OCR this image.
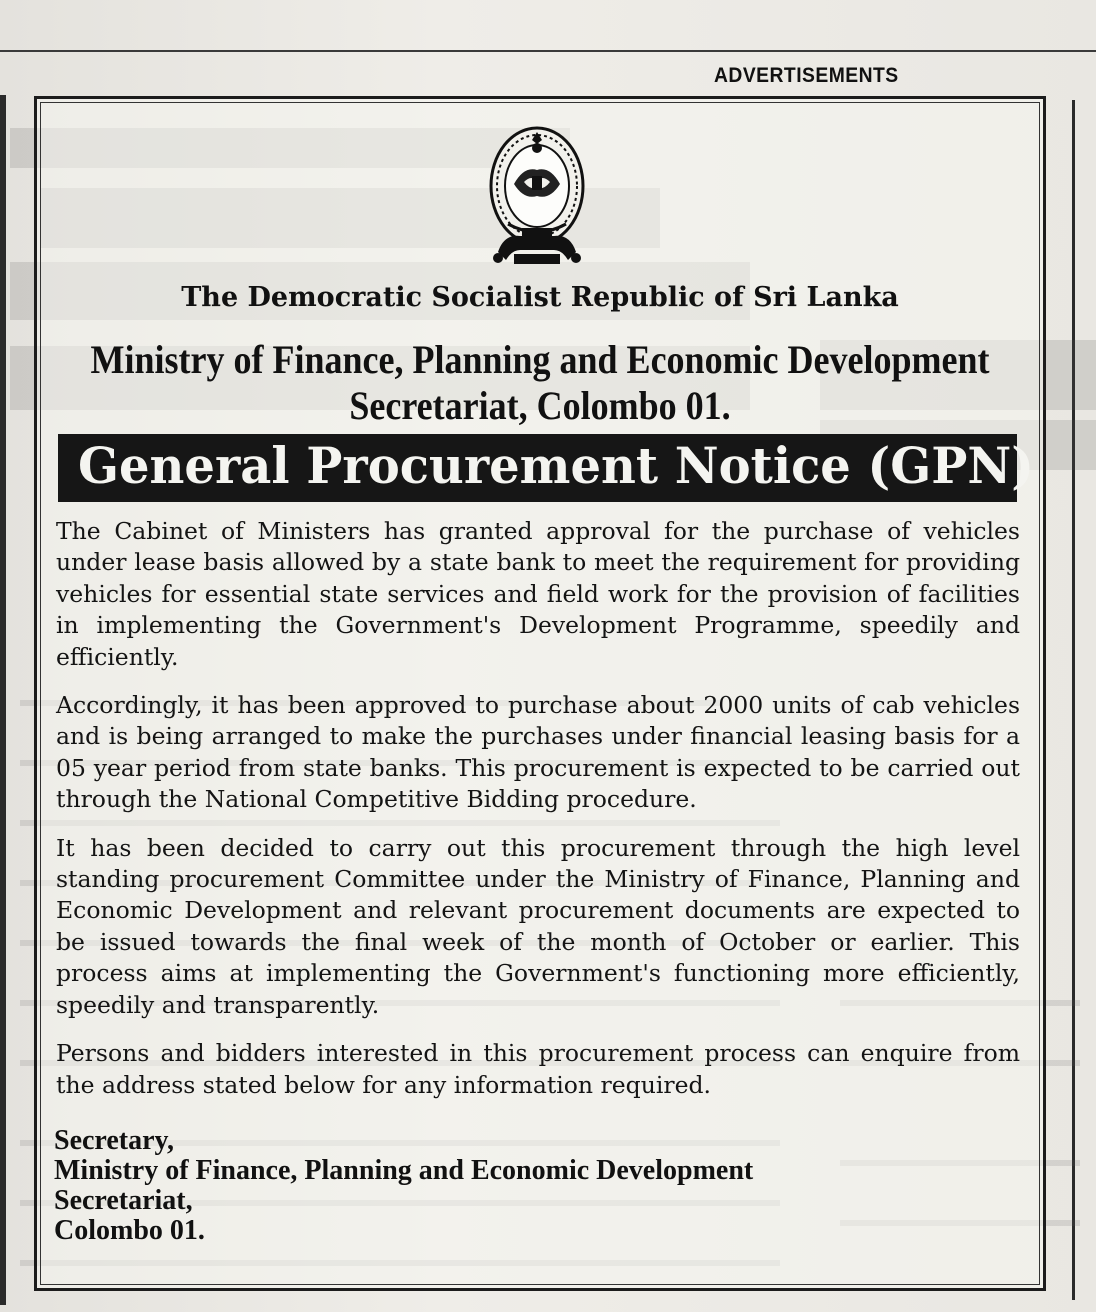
ADVERTISEMENTS
The Democratic Socialist Republic of Sri Lanka
Ministry of Finance, Planning and Economic Development
Secretariat, Colombo 01.
General Procurement Notice (GPN)

The Cabinet of Ministers has granted approval for the purchase of vehicles under lease basis allowed by a state bank to meet the requirement for providing vehicles for essential state services and field work for the provision of facilities in implementing the Government's Development Programme, speedily and efficiently.

Accordingly, it has been approved to purchase about 2000 units of cab vehicles and is being arranged to make the purchases under financial leasing basis for a 05 year period from state banks. This procurement is expected to be carried out through the National Competitive Bidding procedure.

It has been decided to carry out this procurement through the high level standing procurement Committee under the Ministry of Finance, Planning and Economic Development and relevant procurement documents are expected to be issued towards the final week of the month of October or earlier. This process aims at implementing the Government's functioning more efficiently, speedily and transparently.

Persons and bidders interested in this procurement process can enquire from the address stated below for any information required.

Secretary,
Ministry of Finance, Planning and Economic Development
Secretariat,
Colombo 01.
